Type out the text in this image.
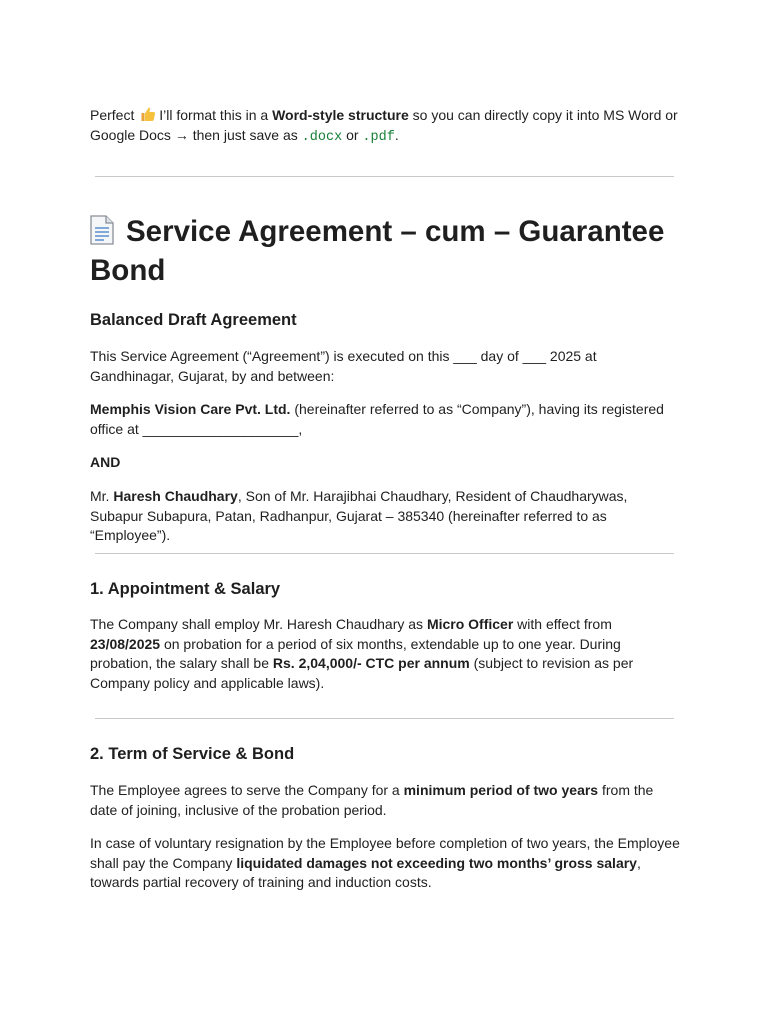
Perfect I’ll format this in a Word-style structure so you can directly copy it into MS Word or Google Docs → then just save as .docx or .pdf.

Service Agreement – cum – Guarantee Bond
Balanced Draft Agreement

This Service Agreement (“Agreement”) is executed on this ___ day of ___ 2025 at Gandhinagar, Gujarat, by and between:

Memphis Vision Care Pvt. Ltd. (hereinafter referred to as “Company”), having its registered office at ____________________,

AND

Mr. Haresh Chaudhary, Son of Mr. Harajibhai Chaudhary, Resident of Chaudharywas, Subapur Subapura, Patan, Radhanpur, Gujarat – 385340 (hereinafter referred to as “Employee”).

1. Appointment & Salary

The Company shall employ Mr. Haresh Chaudhary as Micro Officer with effect from 23/08/2025 on probation for a period of six months, extendable up to one year. During probation, the salary shall be Rs. 2,04,000/- CTC per annum (subject to revision as per Company policy and applicable laws).

2. Term of Service & Bond

The Employee agrees to serve the Company for a minimum period of two years from the date of joining, inclusive of the probation period.

In case of voluntary resignation by the Employee before completion of two years, the Employee shall pay the Company liquidated damages not exceeding two months’ gross salary, towards partial recovery of training and induction costs.
